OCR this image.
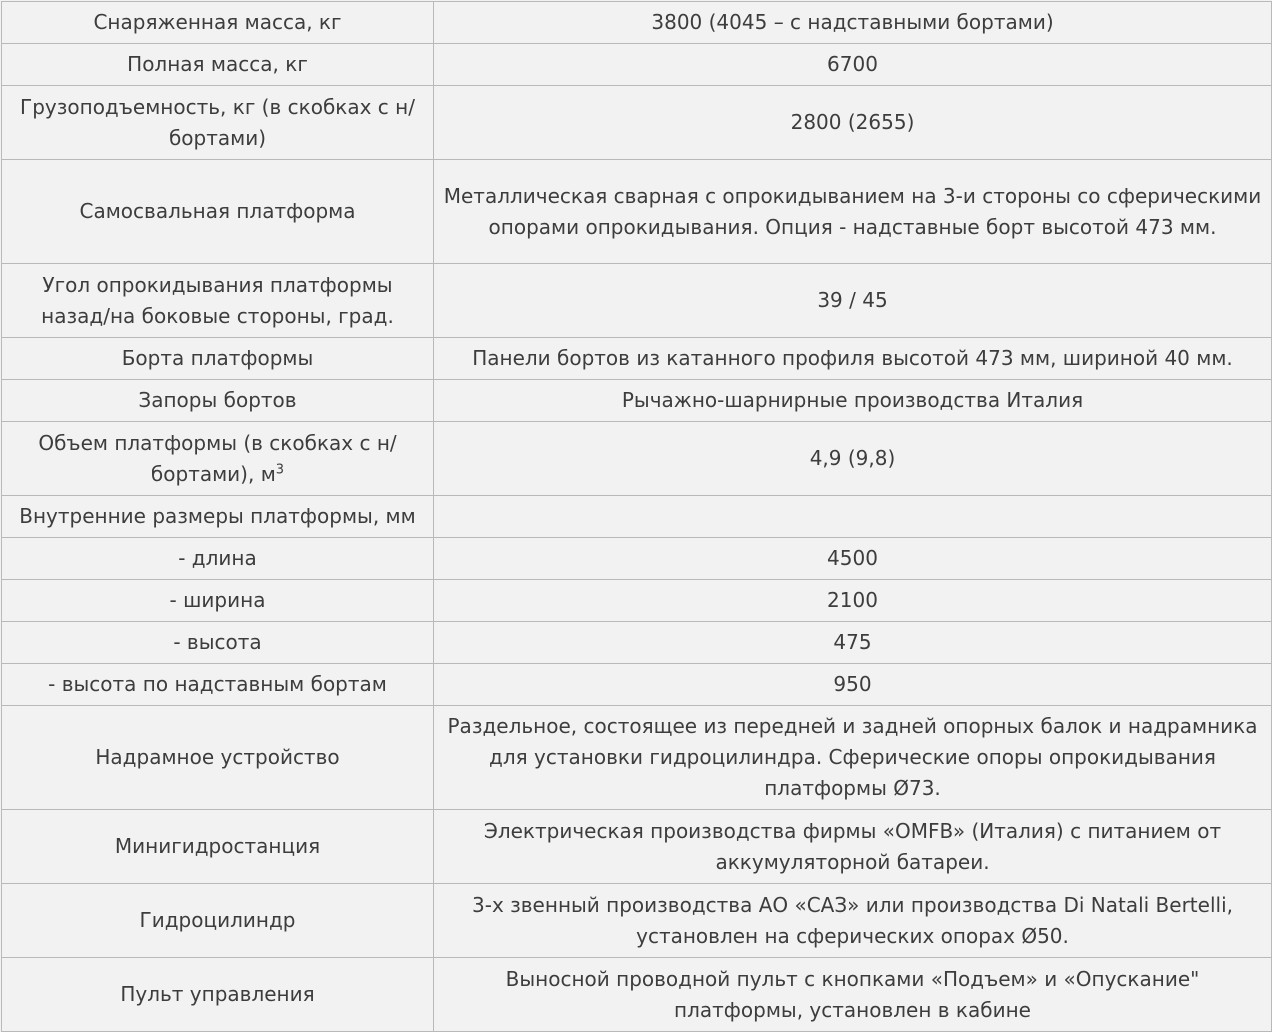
Снаряженная масса, кг	3800 (4045 – с надставными бортами)
Полная масса, кг	6700
Грузоподъемность, кг (в скобках с н/бортами)	2800 (2655)
Самосвальная платформа	Металлическая сварная с опрокидыванием на 3-и стороны со сферическими опорами опрокидывания. Опция - надставные борт высотой 473 мм.
Угол опрокидывания платформы назад/на боковые стороны, град.	39 / 45
Борта платформы	Панели бортов из катанного профиля высотой 473 мм, шириной 40 мм.
Запоры бортов	Рычажно-шарнирные производства Италия
Объем платформы (в скобках с н/бортами), $м^3$	4,9 (9,8)
Внутренние размеры платформы, мм	
- длина	4500
- ширина	2100
- высота	475
- высота по надставным бортам	950
Надрамное устройство	Раздельное, состоящее из передней и задней опорных балок и надрамника для установки гидроцилиндра. Сферические опоры опрокидывания платформы Ø73.
Минигидростанция	Электрическая производства фирмы «OMFB» (Италия) с питанием от аккумуляторной батареи.
Гидроцилиндр	3-х звенный производства АО «САЗ» или производства Di Natali Bertelli, установлен на сферических опорах Ø50.
Пульт управления	Выносной проводной пульт с кнопками «Подъем» и «Опускание" платформы, установлен в кабине
